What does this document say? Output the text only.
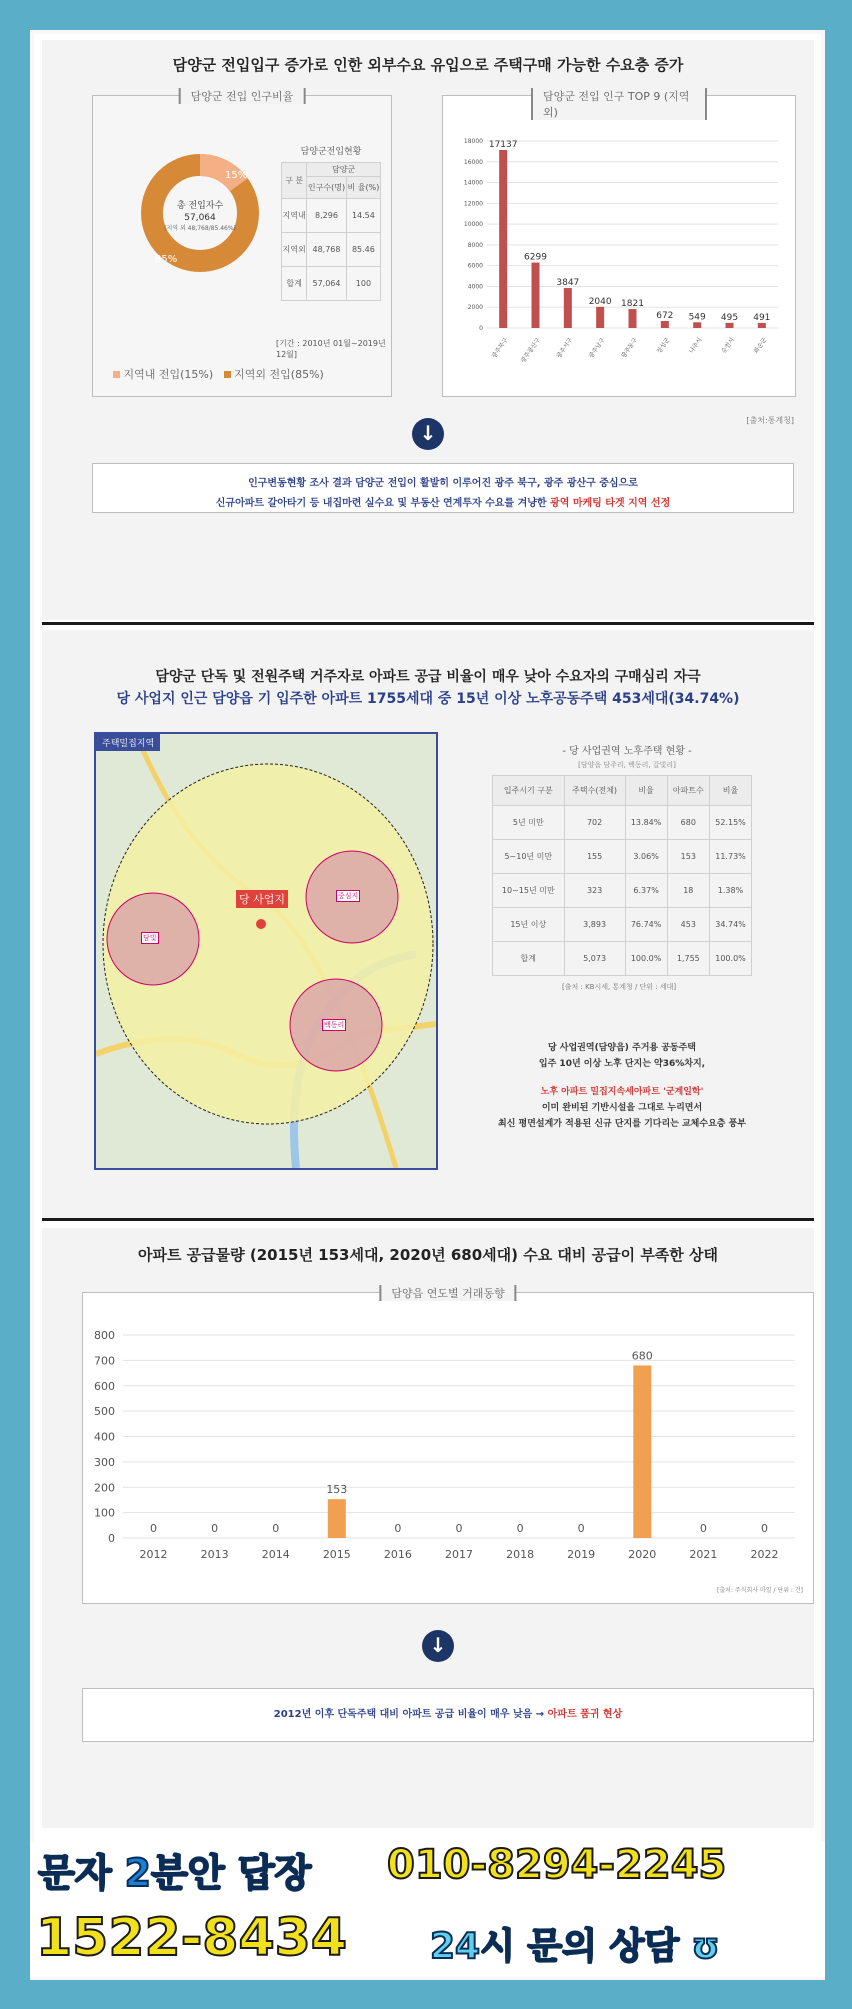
담양군 전입입구 증가로 인한 외부수요 유입으로 주택구매 가능한 수요층 증가
담양군 전입 인구비율
총 전입자수
57,064
(지역 외 48,768/85.46%)
15%
85%
지역내 전입(15%) 지역외 전입(85%)
담양군전입현황
구 분	담양군	
	인구수(명)	비 율(%)
지역내	8,296	14.54
지역외	48,768	85.46
합계	57,064	100
[기간 : 2010년 01월~2019년 12월]
담양군 전입 인구 TOP 9 (지역 외)
0
2000
4000
6000
8000
10000
12000
14000
16000
18000 17137
광주북구
6299
광주광산구
3847
광주서구
2040
광주남구
1821
광주동구
672
장성군
549
나주시
495
순천시
491
화순군
[출처:통계청]
↓
인구변동현황 조사 결과 담양군 전입이 활발히 이루어진 광주 북구, 광주 광산구 중심으로
신규아파트 갈아타기 등 내집마련 실수요 및 부동산 연계투자 수요를 겨냥한 광역 마케팅 타겟 지역 선정
담양군 단독 및 전원주택 거주자로 아파트 공급 비율이 매우 낮아 수요자의 구매심리 자극
당 사업지 인근 담양읍 기 입주한 아파트 1755세대 중 15년 이상 노후공동주택 453세대(34.74%)
주택밀집지역
당 사업지
담빛
중심지
백동리
- 당 사업권역 노후주택 현황 -
[담양읍 담주리, 백동리, 갈빛리]
입주시기 구분	주택수(전체)	비율	아파트수	비율
5년 미만	702	13.84%	680	52.15%
5~10년 미만	155	3.06%	153	11.73%
10~15년 미만	323	6.37%	18	1.38%
15년 이상	3,893	76.74%	453	34.74%
합계	5,073	100.0%	1,755	100.0%
[출처 : KB시세, 통계청 / 단위 : 세대]
당 사업권역(담양읍) 주거용 공동주택
입주 10년 이상 노후 단지는 약36%차지,
노후 아파트 밀집지속세아파트 '군계일학'
이미 완비된 기반시설을 그대로 누리면서
최신 평면설계가 적용된 신규 단지를 기다리는 교체수요층 풍부
아파트 공급물량 (2015년 153세대, 2020년 680세대) 수요 대비 공급이 부족한 상태
담양읍 연도별 거래동향
0
100
200
300
400
500
600
700
800
0
2012
0
2013
0
2014
153
2015
0
2016
0
2017
0
2018
0
2019
680
2020
0
2021
0
2022
[출처: 주식회사 마일 / 단위 : 건]
↓
2012년 이후 단독주택 대비 아파트 공급 비율이 매우 낮음 → 아파트 품귀 현상
문자 2분안 답장 010-8294-2245
1522-8434 24시 문의 상담 ʊ
